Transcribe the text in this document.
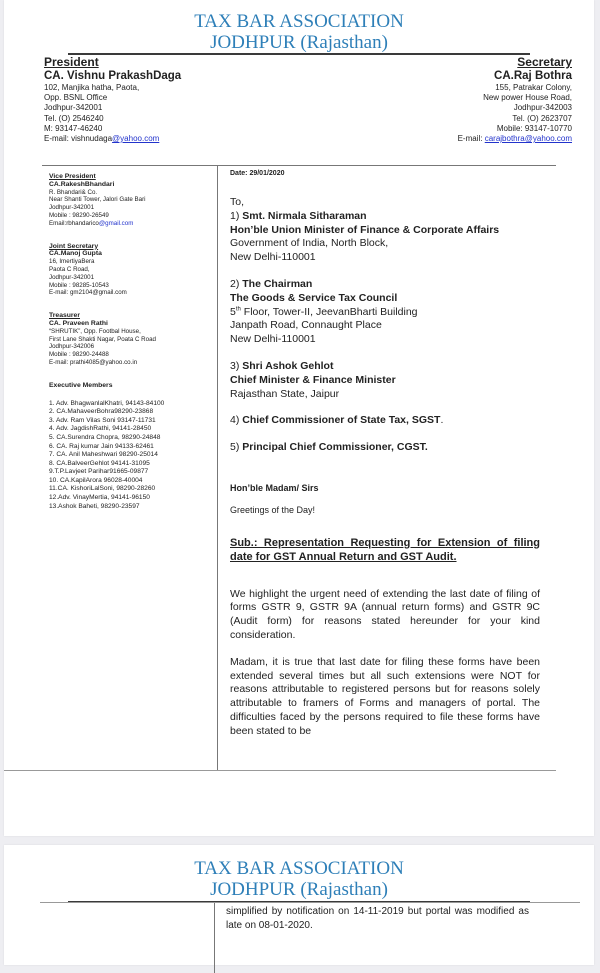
TAX BAR ASSOCIATION
JODHPUR (Rajasthan)
President
CA. Vishnu PrakashDaga
102, Manjika hatha, Paota,
Opp. BSNL Office
Jodhpur-342001
Tel. (O) 2546240
M: 93147-46240
E-mail: vishnudaga@yahoo.com
Secretary
CA.Raj Bothra
155, Patrakar Colony,
New power House Road,
Jodhpur-342003
Tel. (O) 2623707
Mobile: 93147-10770
E-mail: carajbothra@yahoo.com
Vice President
CA.RakeshBhandari
R. Bhandari& Co.
Near Shanti Tower, Jalori Gate Bari
Jodhpur-342001
Mobile : 98290-26549
Email:rbhandarico@gmail.com
Joint Secretary
CA.Manoj Gupta
16, ImertiyaBera
Paota C Road,
Jodhpur-342001
Mobile : 98285-10543
E-mail: gm2104@gmail.com
Treasurer
CA. Praveen Rathi
“SHRUTIK”, Opp. Footbal House,
First Lane Shakti Nagar, Poata C Road
Jodhpur-342006
Mobile : 98290-24488
E-mail: prathi4085@yahoo.co.in
Executive Members
1. Adv. BhagwanlalKhatri, 94143-84100
2. CA.MahaveerBohra98290-23868
3. Adv. Ram Vilas Soni 93147-11731
4. Adv. JagdishRathi, 94141-28450
5. CA.Surendra Chopra, 98290-24848
6. CA. Raj kumar Jain 94133-62461
7. CA. Anil Maheshwari 98290-25014
8. CA.BalveerGehlot 94141-31095
9.T.P.Lavjeet Parihar91665-09877
10. CA.KapilArora 96028-40004
11.CA. KishoriLalSoni, 98290-28260
12.Adv. VinayMertia, 94141-96150
13.Ashok Baheti, 98290-23597
Date: 29/01/2020
To,
1) Smt. Nirmala Sitharaman
Hon’ble Union Minister of Finance & Corporate Affairs
Government of India, North Block,
New Delhi-110001
2) The Chairman
The Goods & Service Tax Council
5th Floor, Tower-II, JeevanBharti Building
Janpath Road, Connaught Place
New Delhi-110001
3) Shri Ashok Gehlot
Chief Minister & Finance Minister
Rajasthan State, Jaipur
4) Chief Commissioner of State Tax, SGST.
5) Principal Chief Commissioner, CGST.
Hon’ble Madam/ Sirs
Greetings of the Day!
Sub.: Representation Requesting for Extension of filing date for GST Annual Return and GST Audit.
We highlight the urgent need of extending the last date of filing of forms GSTR 9, GSTR 9A (annual return forms) and GSTR 9C (Audit form) for reasons stated hereunder for your kind consideration.
Madam, it is true that last date for filing these forms have been extended several times but all such extensions were NOT for reasons attributable to registered persons but for reasons solely attributable to framers of Forms and managers of portal. The difficulties faced by the persons required to file these forms have been stated to be
TAX BAR ASSOCIATION
JODHPUR (Rajasthan)
simplified by notification on 14-11-2019 but portal was modified as late on 08-01-2020.
